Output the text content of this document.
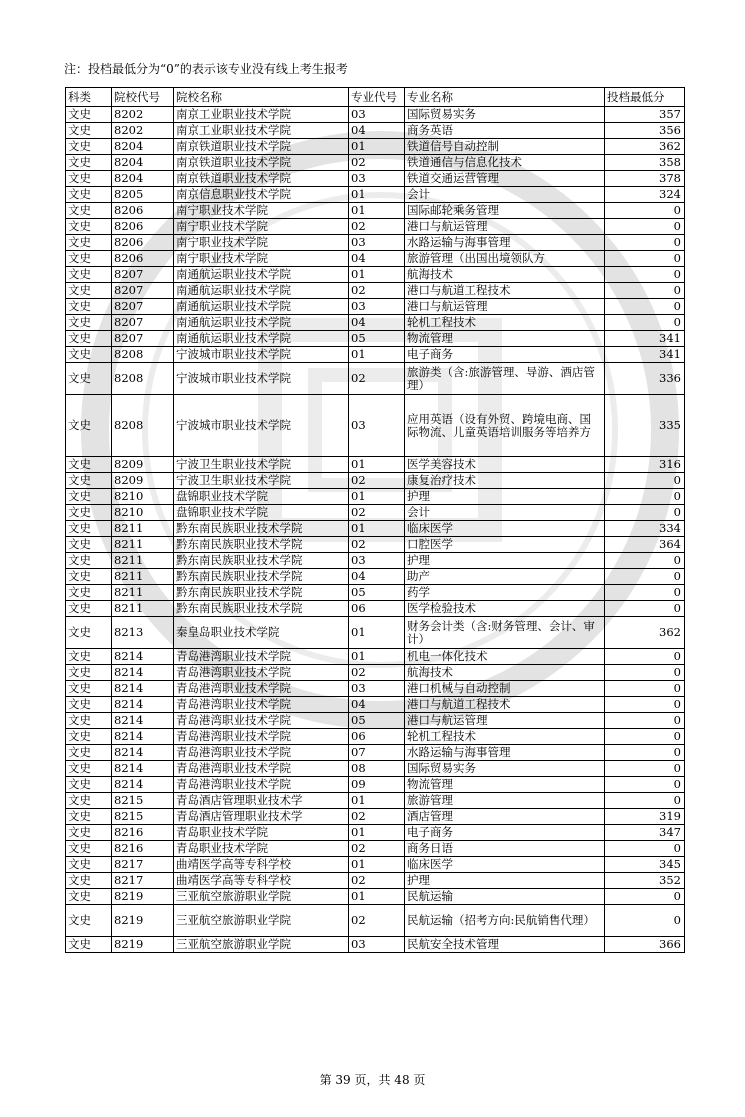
注：投档最低分为“0”的表示该专业没有线上考生报考
科类	院校代号	院校名称	专业代号	专业名称	投档最低分
文史	8202	南京工业职业技术学院	03	国际贸易实务	357
文史	8202	南京工业职业技术学院	04	商务英语	356
文史	8204	南京铁道职业技术学院	01	铁道信号自动控制	362
文史	8204	南京铁道职业技术学院	02	铁道通信与信息化技术	358
文史	8204	南京铁道职业技术学院	03	铁道交通运营管理	378
文史	8205	南京信息职业技术学院	01	会计	324
文史	8206	南宁职业技术学院	01	国际邮轮乘务管理	0
文史	8206	南宁职业技术学院	02	港口与航运管理	0
文史	8206	南宁职业技术学院	03	水路运输与海事管理	0
文史	8206	南宁职业技术学院	04	旅游管理（出国出境领队方	0
文史	8207	南通航运职业技术学院	01	航海技术	0
文史	8207	南通航运职业技术学院	02	港口与航道工程技术	0
文史	8207	南通航运职业技术学院	03	港口与航运管理	0
文史	8207	南通航运职业技术学院	04	轮机工程技术	0
文史	8207	南通航运职业技术学院	05	物流管理	341
文史	8208	宁波城市职业技术学院	01	电子商务	341
文史	8208	宁波城市职业技术学院	02	旅游类（含:旅游管理、导游、酒店管理）	336
文史	8208	宁波城市职业技术学院	03	应用英语（设有外贸、跨境电商、国际物流、儿童英语培训服务等培养方	335
文史	8209	宁波卫生职业技术学院	01	医学美容技术	316
文史	8209	宁波卫生职业技术学院	02	康复治疗技术	0
文史	8210	盘锦职业技术学院	01	护理	0
文史	8210	盘锦职业技术学院	02	会计	0
文史	8211	黔东南民族职业技术学院	01	临床医学	334
文史	8211	黔东南民族职业技术学院	02	口腔医学	364
文史	8211	黔东南民族职业技术学院	03	护理	0
文史	8211	黔东南民族职业技术学院	04	助产	0
文史	8211	黔东南民族职业技术学院	05	药学	0
文史	8211	黔东南民族职业技术学院	06	医学检验技术	0
文史	8213	秦皇岛职业技术学院	01	财务会计类（含:财务管理、会计、审计）	362
文史	8214	青岛港湾职业技术学院	01	机电一体化技术	0
文史	8214	青岛港湾职业技术学院	02	航海技术	0
文史	8214	青岛港湾职业技术学院	03	港口机械与自动控制	0
文史	8214	青岛港湾职业技术学院	04	港口与航道工程技术	0
文史	8214	青岛港湾职业技术学院	05	港口与航运管理	0
文史	8214	青岛港湾职业技术学院	06	轮机工程技术	0
文史	8214	青岛港湾职业技术学院	07	水路运输与海事管理	0
文史	8214	青岛港湾职业技术学院	08	国际贸易实务	0
文史	8214	青岛港湾职业技术学院	09	物流管理	0
文史	8215	青岛酒店管理职业技术学	01	旅游管理	0
文史	8215	青岛酒店管理职业技术学	02	酒店管理	319
文史	8216	青岛职业技术学院	01	电子商务	347
文史	8216	青岛职业技术学院	02	商务日语	0
文史	8217	曲靖医学高等专科学校	01	临床医学	345
文史	8217	曲靖医学高等专科学校	02	护理	352
文史	8219	三亚航空旅游职业学院	01	民航运输	0
文史	8219	三亚航空旅游职业学院	02	民航运输（招考方向:民航销售代理）	0
文史	8219	三亚航空旅游职业学院	03	民航安全技术管理	366
第 39 页，共 48 页
